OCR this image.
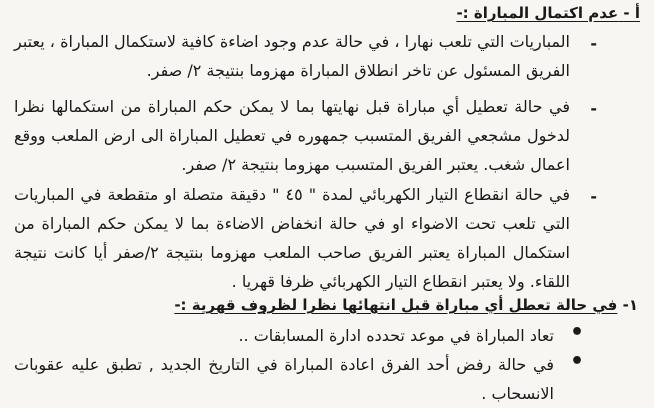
أ - عدم اكتمال المباراة :-
-
المباريات التي تلعب نهارا ، في حالة عدم وجود اضاءة كافية لاستكمال المباراة ، يعتبر الفريق المسئول عن تاخر انطلاق المباراة مهزوما بنتيجة ٢/ صفر.
-
في حالة تعطيل أي مباراة قبل نهايتها بما لا يمكن حكم المباراة من استكمالها نظرا لدخول مشجعي الفريق المتسبب جمهوره في تعطيل المباراة الى ارض الملعب ووقع اعمال شغب. يعتبر الفريق المتسبب مهزوما بنتيجة ٢/ صفر.
-
في حالة انقطاع التيار الكهربائي لمدة " ٤٥ " دقيقة متصلة او متقطعة في المباريات التي تلعب تحت الاضواء او في حالة انخفاض الاضاءة بما لا يمكن حكم المباراة من استكمال المباراة يعتبر الفريق صاحب الملعب مهزوما بنتيجة ٢/صفر أيا كانت نتيجة اللقاء. ولا يعتبر انقطاع التيار الكهربائي ظرفا قهريا .
١- في حالة تعطل أي مباراة قبل انتهائها نظرا لظروف قهرية :-
•
تعاد المباراة في موعد تحدده ادارة المسابقات ..
•
في حالة رفض أحد الفرق اعادة المباراة في التاريخ الجديد , تطبق عليه عقوبات الانسحاب .
